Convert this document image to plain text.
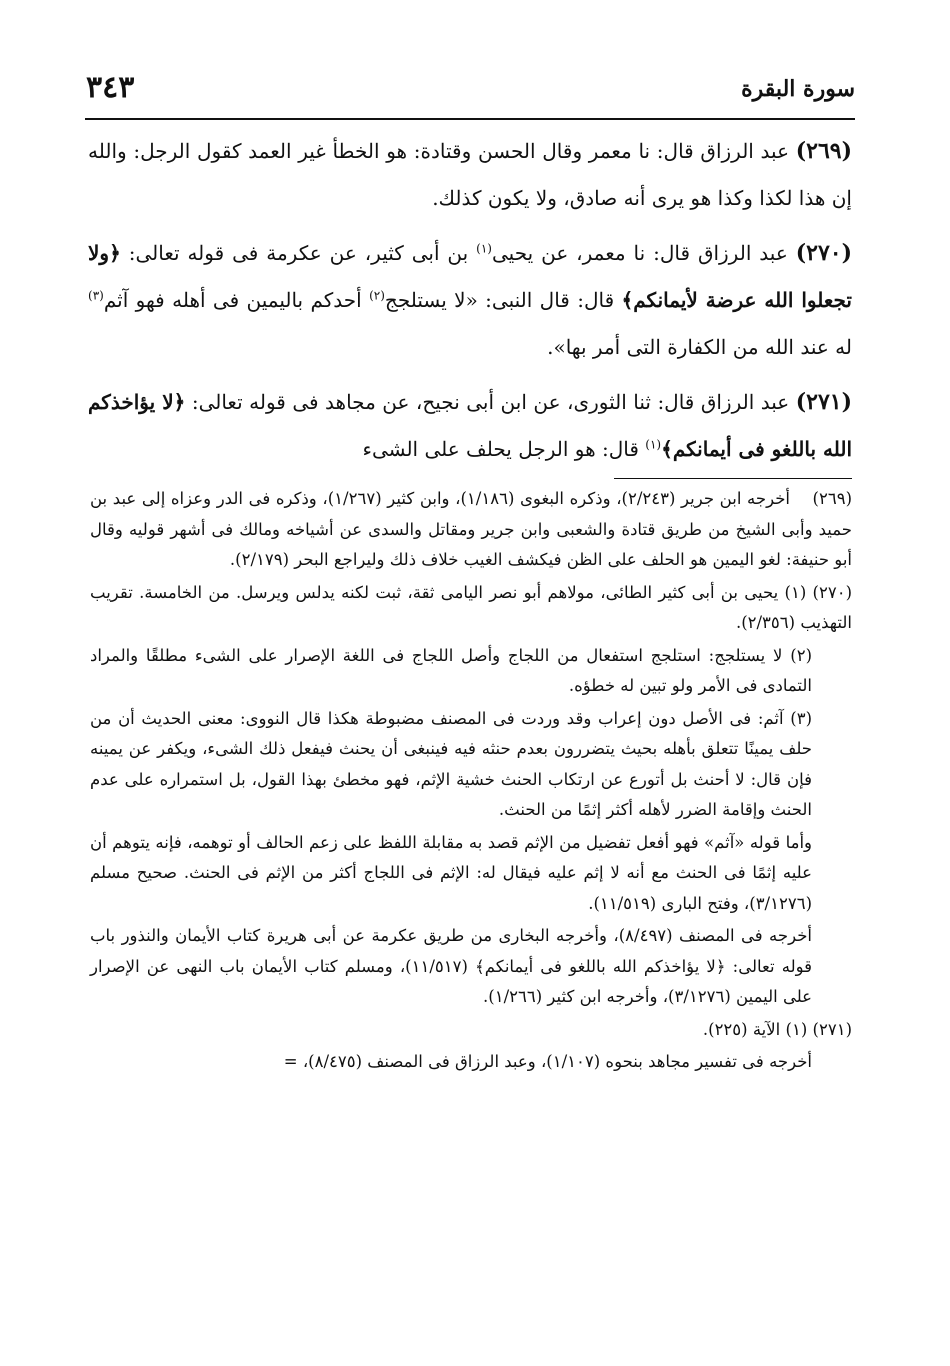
سورة البقرة
٣٤٣

(٢٦٩) عبد الرزاق قال: نا معمر وقال الحسن وقتادة: هو الخطأ غير العمد كقول الرجل: والله إن هذا لكذا وكذا هو يرى أنه صادق، ولا يكون كذلك.

(٢٧٠) عبد الرزاق قال: نا معمر، عن يحيى$^{(١)}$ بن أبى كثير، عن عكرمة فى قوله تعالى: ﴿ولا تجعلوا الله عرضة لأيمانكم﴾ قال: قال النبى: «لا يستلجج$^{(٢)}$ أحدكم باليمين فى أهله فهو آثم$^{(٣)}$ له عند الله من الكفارة التى أمر بها».

(٢٧١) عبد الرزاق قال: ثنا الثورى، عن ابن أبى نجيح، عن مجاهد فى قوله تعالى: ﴿لا يؤاخذكم الله باللغو فى أيمانكم﴾$^{(١)}$ قال: هو الرجل يحلف على الشىء

(٢٦٩)    أخرجه ابن جرير (٢/٢٤٣)، وذكره البغوى (١/١٨٦)، وابن كثير (١/٢٦٧)، وذكره فى الدر وعزاه إلى عبد بن حميد وأبى الشيخ من طريق قتادة والشعبى وابن جرير ومقاتل والسدى عن أشياخه ومالك فى أشهر قوليه وقال أبو حنيفة: لغو اليمين هو الحلف على الظن فيكشف الغيب خلاف ذلك وليراجع البحر (٢/١٧٩).

(٢٧٠) (١) يحيى بن أبى كثير الطائى، مولاهم أبو نصر اليامى ثقة، ثبت لكنه يدلس ويرسل. من الخامسة. تقريب التهذيب (٢/٣٥٦).

(٢) لا يستلجج: استلجج استفعال من اللجاج وأصل اللجاج فى اللغة الإصرار على الشىء مطلقًا والمراد التمادى فى الأمر ولو تبين له خطؤه.

(٣) آثم: فى الأصل دون إعراب وقد وردت فى المصنف مضبوطة هكذا قال النووى: معنى الحديث أن من حلف يمينًا تتعلق بأهله بحيث يتضررون بعدم حنثه فيه فينبغى أن يحنث فيفعل ذلك الشىء، ويكفر عن يمينه فإن قال: لا أحنث بل أتورع عن ارتكاب الحنث خشية الإثم، فهو مخطئ بهذا القول، بل استمراره على عدم الحنث وإقامة الضرر لأهله أكثر إثمًا من الحنث.

وأما قوله «آثم» فهو أفعل تفضيل من الإثم قصد به مقابلة اللفظ على زعم الحالف أو توهمه، فإنه يتوهم أن عليه إثمًا فى الحنث مع أنه لا إثم عليه فيقال له: الإثم فى اللجاج أكثر من الإثم فى الحنث. صحيح مسلم (٣/١٢٧٦)، وفتح البارى (١١/٥١٩).

أخرجه فى المصنف (٨/٤٩٧)، وأخرجه البخارى من طريق عكرمة عن أبى هريرة كتاب الأيمان والنذور باب قوله تعالى: ﴿لا يؤاخذكم الله باللغو فى أيمانكم﴾ (١١/٥١٧)، ومسلم كتاب الأيمان باب النهى عن الإصرار على اليمين (٣/١٢٧٦)، وأخرجه ابن كثير (١/٢٦٦).

(٢٧١) (١) الآية (٢٢٥).

أخرجه فى تفسير مجاهد بنحوه (١/١٠٧)، وعبد الرزاق فى المصنف (٨/٤٧٥)، =
